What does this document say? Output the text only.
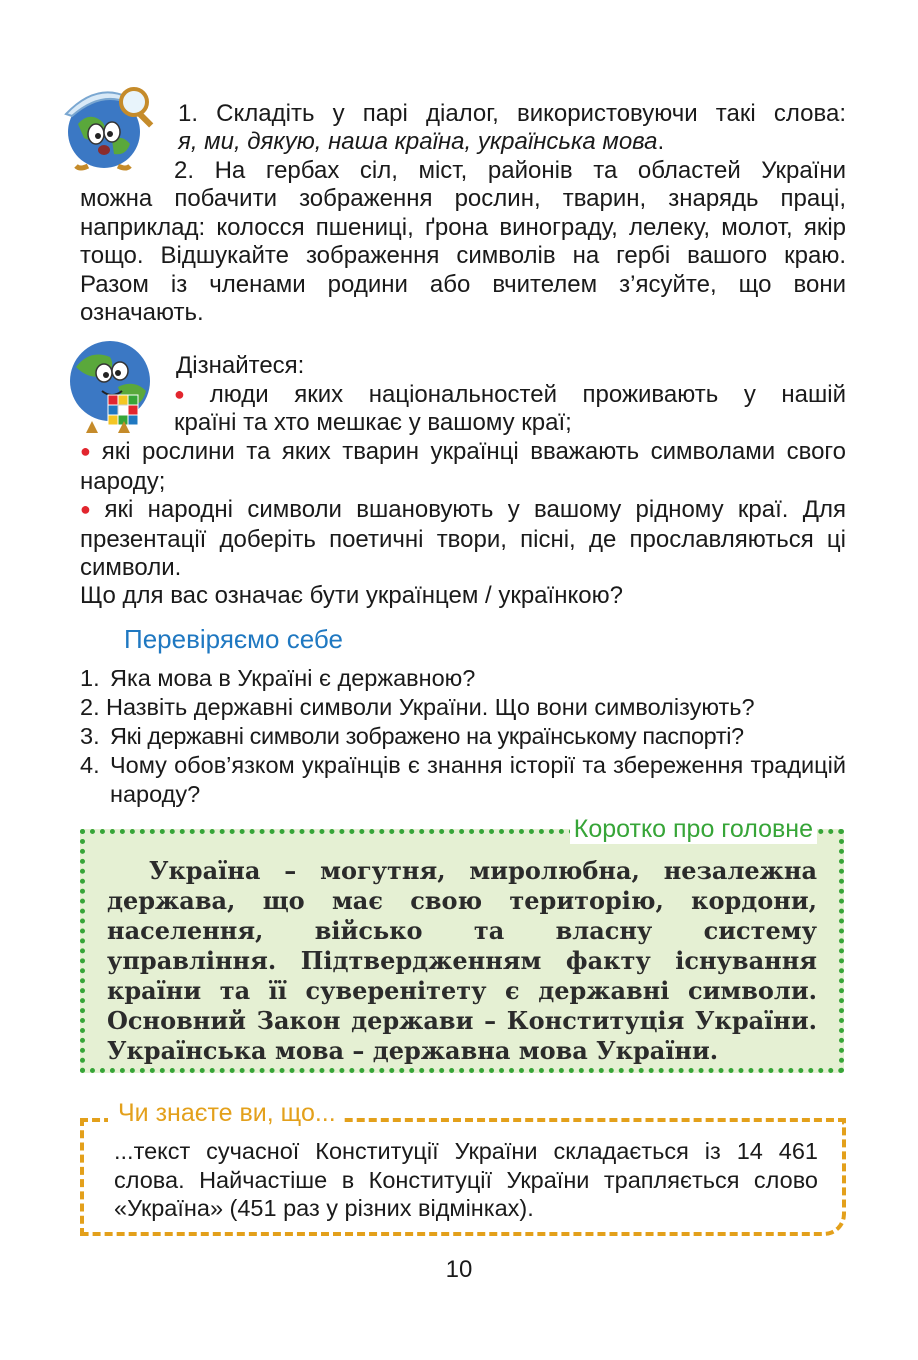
1. Складіть у парі діалог, використовуючи такі слова:
я, ми, дякую, наша країна, українська мова.
2. На гербах сіл, міст, районів та областей України

можна побачити зображення рослин, тварин, знарядь праці, наприклад: колосся пшениці, ґрона винограду, лелеку, молот, якір тощо. Відшукайте зображення символів на гербі вашого краю. Разом із членами родини або вчителем з’ясуйте, що вони означають.

Дізнайтеся:
● люди яких національностей проживають у нашій
країні та хто мешкає у вашому краї;

● які рослини та яких тварин українці вважають символами свого народу;

● які народні символи вшановують у вашому рідному краї. Для презентації доберіть поетичні твори, пісні, де прославляються ці символи.

Що для вас означає бути українцем / українкою?
Перевіряємо себе
1. Яка мова в Україні є державною?
2. Назвіть державні символи України. Що вони символізують?
3. Які державні символи зображено на українському паспорті?
4. Чому обов’язком українців є знання історії та збереження традицій народу?
Коротко про головне
Україна – могутня, миролюбна, незалежна держава, що має свою територію, кордони, населення, військо та власну систему управління. Підтвердженням факту існування країни та її суверенітету є державні символи. Основний Закон держави – Конституція України. Українська мова – державна мова України.
Чи знаєте ви, що...
...текст сучасної Конституції України складається із 14 461 слова. Найчастіше в Конституції України трапляється слово «Україна» (451 раз у різних відмінках).
10
